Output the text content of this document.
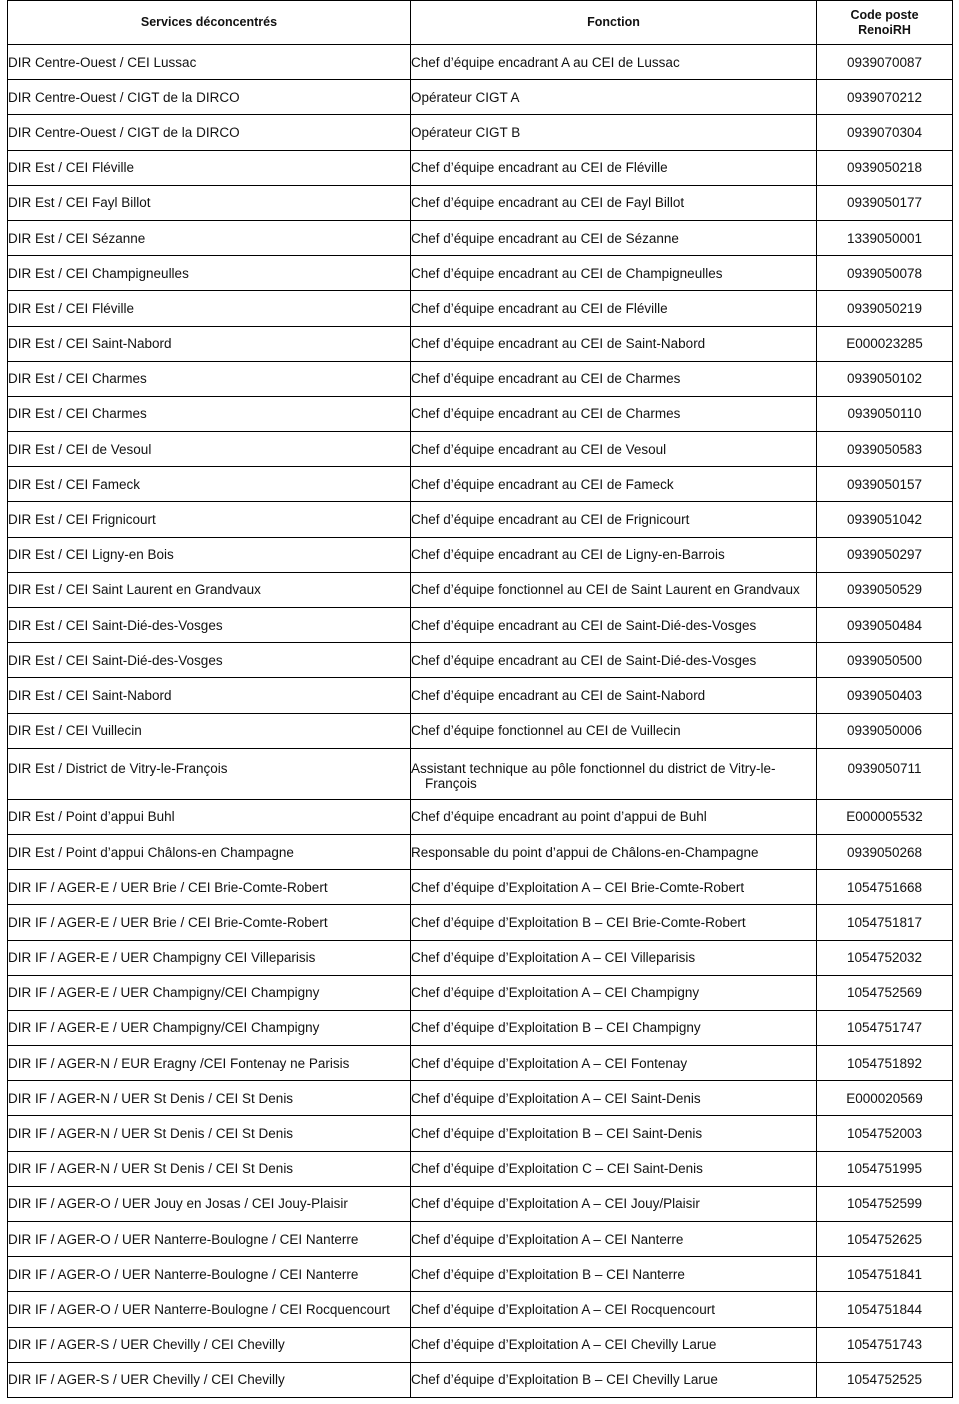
Services déconcentrés	Fonction	Code poste
RenoiRH

DIR Centre-Ouest / CEI Lussac	Chef d’équipe encadrant A au CEI de Lussac	0939070087
DIR Centre-Ouest / CIGT de la DIRCO	Opérateur CIGT A	0939070212
DIR Centre-Ouest / CIGT de la DIRCO	Opérateur CIGT B	0939070304
DIR Est / CEI Fléville	Chef d’équipe encadrant au CEI de Fléville	0939050218
DIR Est / CEI Fayl Billot	Chef d’équipe encadrant au CEI de Fayl Billot	0939050177
DIR Est / CEI Sézanne	Chef d’équipe encadrant au CEI de Sézanne	1339050001
DIR Est / CEI Champigneulles	Chef d’équipe encadrant au CEI de Champigneulles	0939050078
DIR Est / CEI Fléville	Chef d’équipe encadrant au CEI de Fléville	0939050219
DIR Est / CEI Saint-Nabord	Chef d’équipe encadrant au CEI de Saint-Nabord	E000023285
DIR Est / CEI Charmes	Chef d’équipe encadrant au CEI de Charmes	0939050102
DIR Est / CEI Charmes	Chef d’équipe encadrant au CEI de Charmes	0939050110
DIR Est / CEI de Vesoul	Chef d’équipe encadrant au CEI de Vesoul	0939050583
DIR Est / CEI Fameck	Chef d’équipe encadrant au CEI de Fameck	0939050157
DIR Est / CEI Frignicourt	Chef d’équipe encadrant au CEI de Frignicourt	0939051042
DIR Est / CEI Ligny-en Bois	Chef d’équipe encadrant au CEI de Ligny-en-Barrois	0939050297
DIR Est / CEI Saint Laurent en Grandvaux	Chef d’équipe fonctionnel au CEI de Saint Laurent en Grandvaux	0939050529
DIR Est / CEI Saint-Dié-des-Vosges	Chef d’équipe encadrant au CEI de Saint-Dié-des-Vosges	0939050484
DIR Est / CEI Saint-Dié-des-Vosges	Chef d’équipe encadrant au CEI de Saint-Dié-des-Vosges	0939050500
DIR Est / CEI Saint-Nabord	Chef d’équipe encadrant au CEI de Saint-Nabord	0939050403
DIR Est / CEI Vuillecin	Chef d’équipe fonctionnel au CEI de Vuillecin	0939050006
DIR Est / District de Vitry-le-François	Assistant technique au pôle fonctionnel du district de Vitry-le-François	0939050711
DIR Est / Point d’appui Buhl	Chef d’équipe encadrant au point d’appui de Buhl	E000005532
DIR Est / Point d’appui Châlons-en Champagne	Responsable du point d’appui de Châlons-en-Champagne	0939050268
DIR IF / AGER-E / UER Brie / CEI Brie-Comte-Robert	Chef d’équipe d’Exploitation A – CEI Brie-Comte-Robert	1054751668
DIR IF / AGER-E / UER Brie / CEI Brie-Comte-Robert	Chef d’équipe d’Exploitation B – CEI Brie-Comte-Robert	1054751817
DIR IF / AGER-E / UER Champigny CEI Villeparisis	Chef d’équipe d’Exploitation A – CEI Villeparisis	1054752032
DIR IF / AGER-E / UER Champigny/CEI Champigny	Chef d’équipe d’Exploitation A – CEI Champigny	1054752569
DIR IF / AGER-E / UER Champigny/CEI Champigny	Chef d’équipe d’Exploitation B – CEI Champigny	1054751747
DIR IF / AGER-N / EUR Eragny /CEI Fontenay ne Parisis	Chef d’équipe d’Exploitation A – CEI Fontenay	1054751892
DIR IF / AGER-N / UER St Denis / CEI St Denis	Chef d’équipe d’Exploitation A – CEI Saint-Denis	E000020569
DIR IF / AGER-N / UER St Denis / CEI St Denis	Chef d’équipe d’Exploitation B – CEI Saint-Denis	1054752003
DIR IF / AGER-N / UER St Denis / CEI St Denis	Chef d’équipe d’Exploitation C – CEI Saint-Denis	1054751995
DIR IF / AGER-O / UER Jouy en Josas / CEI Jouy-Plaisir	Chef d’équipe d’Exploitation A – CEI Jouy/Plaisir	1054752599
DIR IF / AGER-O / UER Nanterre-Boulogne / CEI Nanterre	Chef d’équipe d’Exploitation A – CEI Nanterre	1054752625
DIR IF / AGER-O / UER Nanterre-Boulogne / CEI Nanterre	Chef d’équipe d’Exploitation B – CEI Nanterre	1054751841
DIR IF / AGER-O / UER Nanterre-Boulogne / CEI Rocquencourt	Chef d’équipe d’Exploitation A – CEI Rocquencourt	1054751844
DIR IF / AGER-S / UER Chevilly / CEI Chevilly	Chef d’équipe d’Exploitation A – CEI Chevilly Larue	1054751743
DIR IF / AGER-S / UER Chevilly / CEI Chevilly	Chef d’équipe d’Exploitation B – CEI Chevilly Larue	1054752525
